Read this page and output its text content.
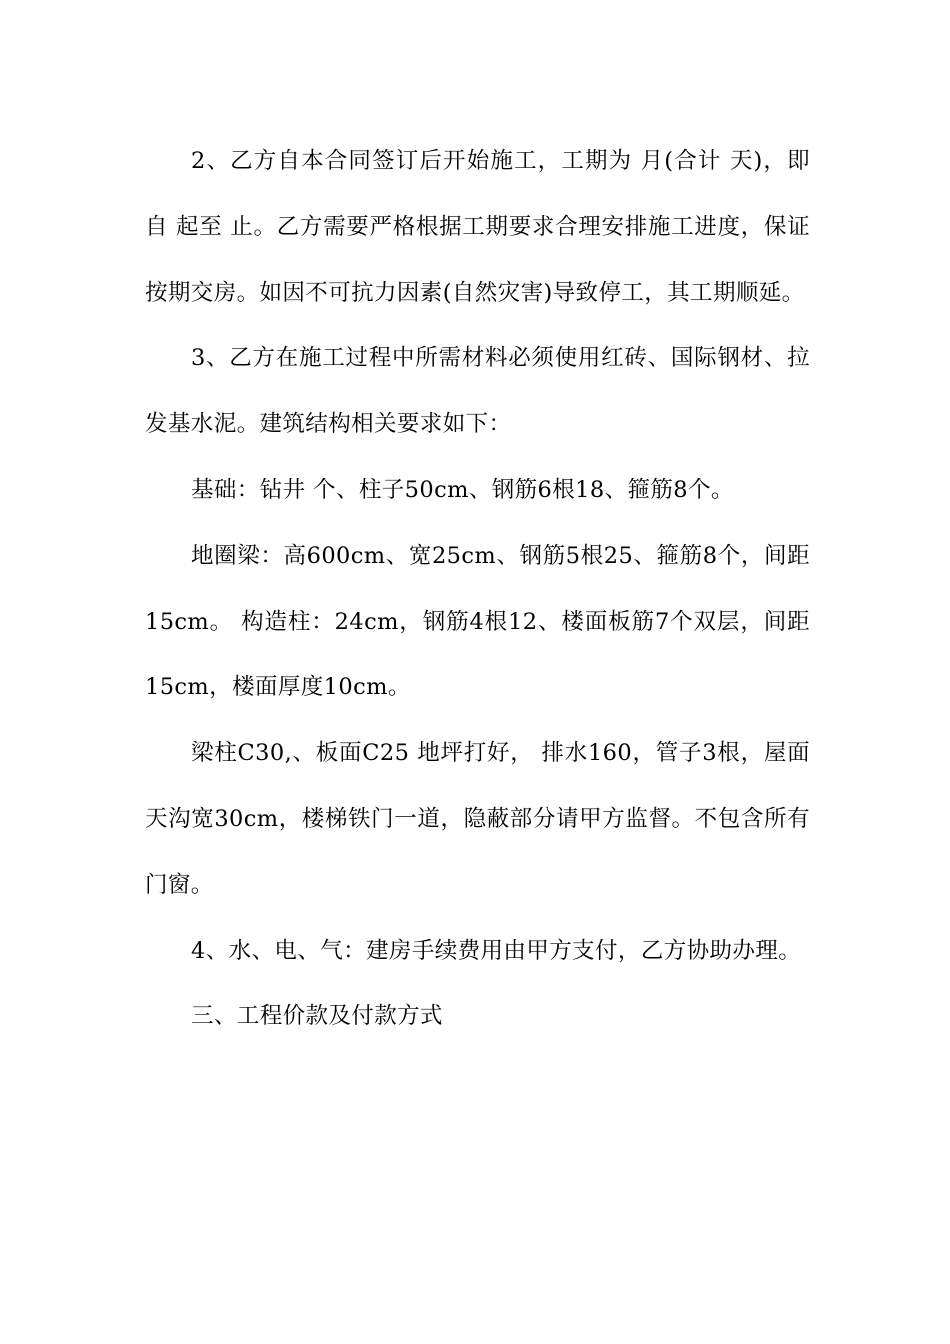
2、乙方自本合同签订后开始施工，工期为 月(合计 天)，即自 起至 止。乙方需要严格根据工期要求合理安排施工进度，保证按期交房。如因不可抗力因素(自然灾害)导致停工，其工期顺延。

3、乙方在施工过程中所需材料必须使用红砖、国际钢材、拉发基水泥。建筑结构相关要求如下：

基础：钻井 个、柱子50cm、钢筋6根18、箍筋8个。

地圈梁：高600cm、宽25cm、钢筋5根25、箍筋8个，间距15cm。 构造柱：24cm，钢筋4根12、楼面板筋7个双层，间距15cm，楼面厚度10cm。

梁柱C30,、板面C25 地坪打好， 排水160，管子3根，屋面天沟宽30cm，楼梯铁门一道，隐蔽部分请甲方监督。不包含所有门窗。

4、水、电、气：建房手续费用由甲方支付，乙方协助办理。

三、工程价款及付款方式
